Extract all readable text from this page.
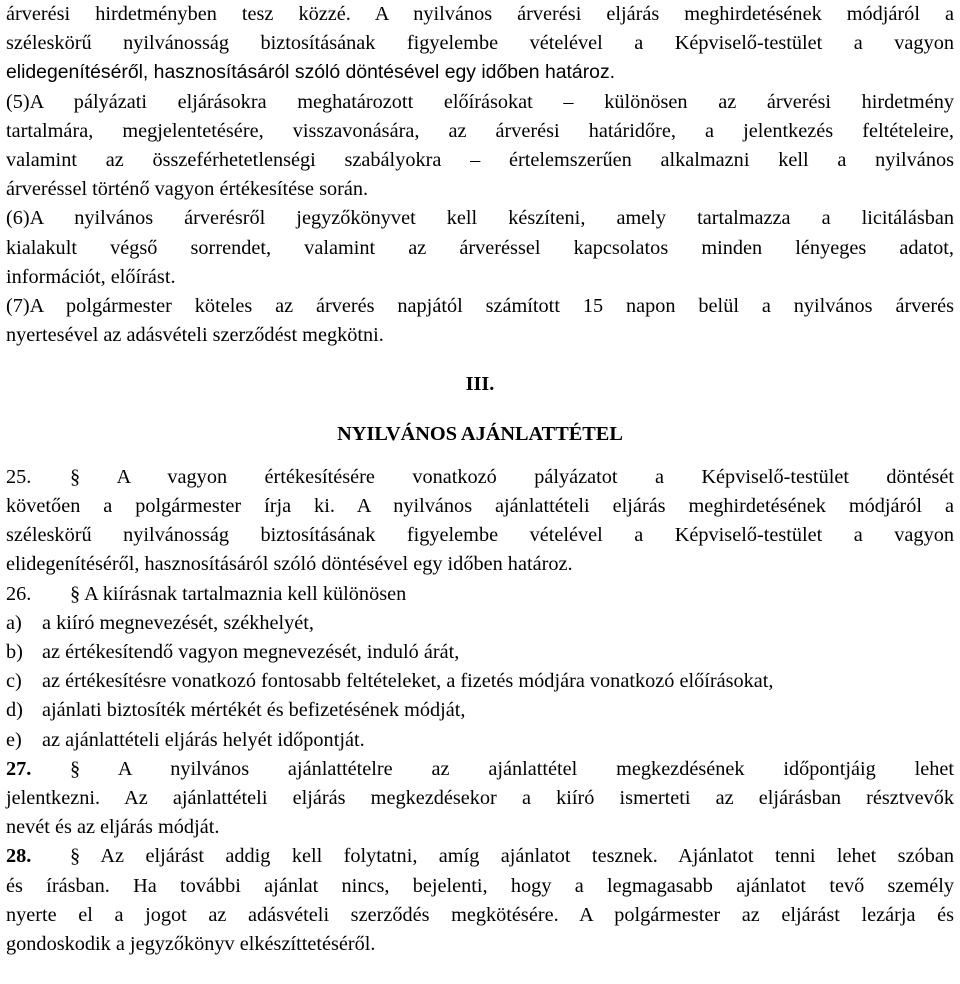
árverési hirdetményben tesz közzé. A nyilvános árverési eljárás meghirdetésének módjáról a
széleskörű nyilvánosság biztosításának figyelembe vételével a Képviselő-testület a vagyon
elidegenítéséről, hasznosításáról szóló döntésével egy időben határoz.
(5)A pályázati eljárásokra meghatározott előírásokat – különösen az árverési hirdetmény
tartalmára, megjelentetésére, visszavonására, az árverési határidőre, a jelentkezés feltételeire,
valamint az összeférhetetlenségi szabályokra – értelemszerűen alkalmazni kell a nyilvános
árveréssel történő vagyon értékesítése során.
(6)A nyilvános árverésről jegyzőkönyvet kell készíteni, amely tartalmazza a licitálásban
kialakult végső sorrendet, valamint az árveréssel kapcsolatos minden lényeges adatot,
információt, előírást.
(7)A polgármester köteles az árverés napjától számított 15 napon belül a nyilvános árverés
nyertesével az adásvételi szerződést megkötni.
III.
NYILVÁNOS AJÁNLATTÉTEL
25. § A vagyon értékesítésére vonatkozó pályázatot a Képviselő-testület döntését
követően a polgármester írja ki. A nyilvános ajánlattételi eljárás meghirdetésének módjáról a
széleskörű nyilvánosság biztosításának figyelembe vételével a Képviselő-testület a vagyon
elidegenítéséről, hasznosításáról szóló döntésével egy időben határoz.
26. § A kiírásnak tartalmaznia kell különösen
a) a kiíró megnevezését, székhelyét,
b) az értékesítendő vagyon megnevezését, induló árát,
c) az értékesítésre vonatkozó fontosabb feltételeket, a fizetés módjára vonatkozó előírásokat,
d) ajánlati biztosíték mértékét és befizetésének módját,
e) az ajánlattételi eljárás helyét időpontját.
27. § A nyilvános ajánlattételre az ajánlattétel megkezdésének időpontjáig lehet
jelentkezni. Az ajánlattételi eljárás megkezdésekor a kiíró ismerteti az eljárásban résztvevők
nevét és az eljárás módját.
28. § Az eljárást addig kell folytatni, amíg ajánlatot tesznek. Ajánlatot tenni lehet szóban
és írásban. Ha további ajánlat nincs, bejelenti, hogy a legmagasabb ajánlatot tevő személy
nyerte el a jogot az adásvételi szerződés megkötésére. A polgármester az eljárást lezárja és
gondoskodik a jegyzőkönyv elkészíttetéséről.
